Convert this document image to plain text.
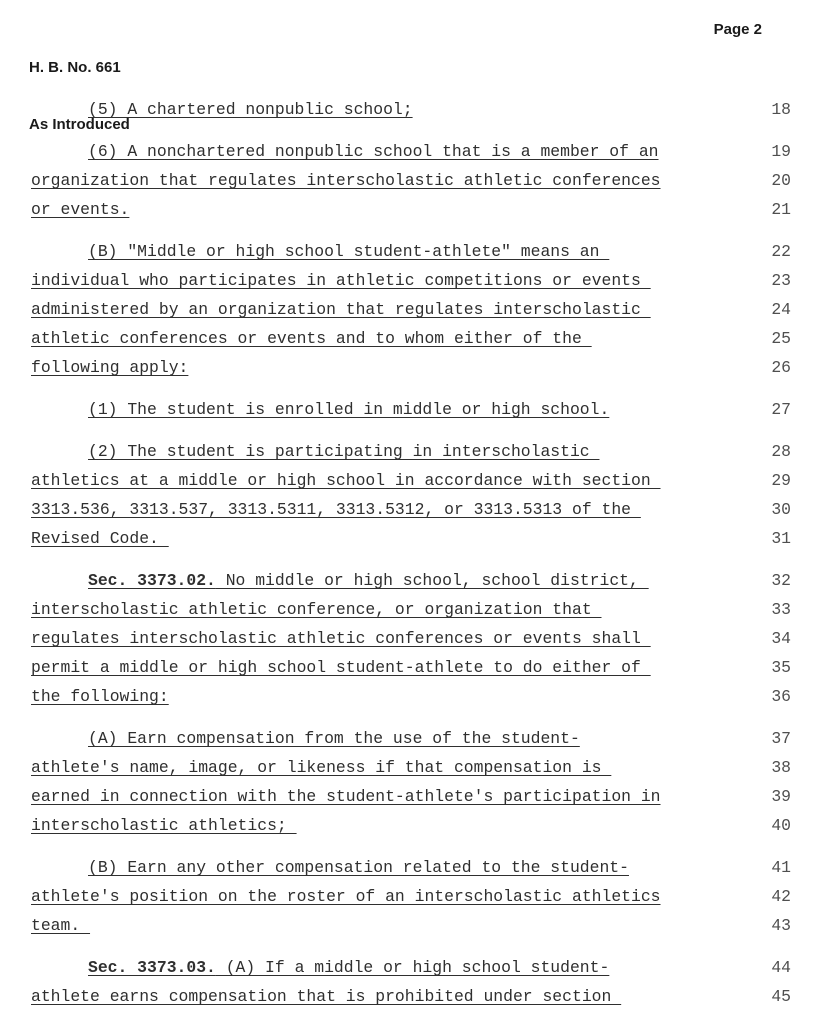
H. B. No. 661

As Introduced

Page 2
(5) A chartered nonpublic school;	18
(6) A nonchartered nonpublic school that is a member of an	19
organization that regulates interscholastic athletic conferences	20
or events.	21
(B) "Middle or high school student-athlete" means an	22
individual who participates in athletic competitions or events	23
administered by an organization that regulates interscholastic	24
athletic conferences or events and to whom either of the	25
following apply:	26
(1) The student is enrolled in middle or high school.	27
(2) The student is participating in interscholastic	28
athletics at a middle or high school in accordance with section	29
3313.536, 3313.537, 3313.5311, 3313.5312, or 3313.5313 of the	30
Revised Code.	31
Sec. 3373.02. No middle or high school, school district,	32
interscholastic athletic conference, or organization that	33
regulates interscholastic athletic conferences or events shall	34
permit a middle or high school student-athlete to do either of	35
the following:	36
(A) Earn compensation from the use of the student-	37
athlete's name, image, or likeness if that compensation is	38
earned in connection with the student-athlete's participation in	39
interscholastic athletics;	40
(B) Earn any other compensation related to the student-	41
athlete's position on the roster of an interscholastic athletics	42
team.	43
Sec. 3373.03. (A) If a middle or high school student-	44
athlete earns compensation that is prohibited under section	45
